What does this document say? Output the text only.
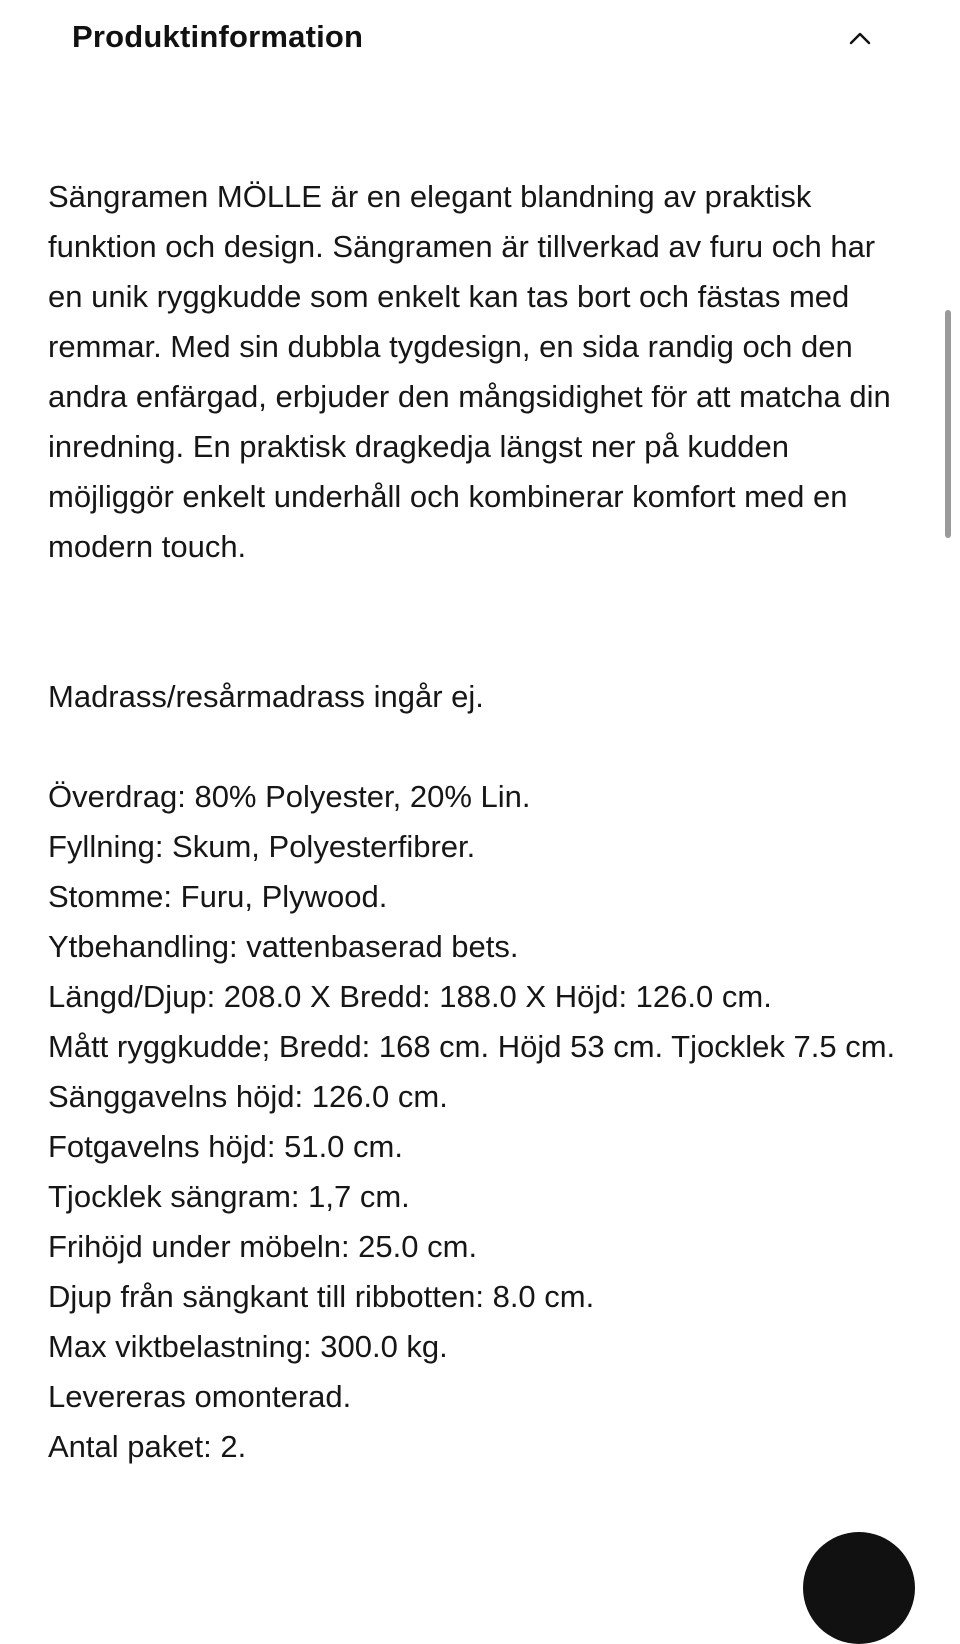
Produktinformation

Sängramen MÖLLE är en elegant blandning av praktisk funktion och design. Sängramen är tillverkad av furu och har en unik ryggkudde som enkelt kan tas bort och fästas med remmar. Med sin dubbla tygdesign, en sida randig och den andra enfärgad, erbjuder den mångsidighet för att matcha din inredning. En praktisk dragkedja längst ner på kudden möjliggör enkelt underhåll och kombinerar komfort med en modern touch.

Madrass/resårmadrass ingår ej.

Överdrag: 80% Polyester, 20% Lin.
Fyllning: Skum, Polyesterfibrer.
Stomme: Furu, Plywood.
Ytbehandling: vattenbaserad bets.
Längd/Djup: 208.0 X Bredd: 188.0 X Höjd: 126.0 cm.
Mått ryggkudde; Bredd: 168 cm. Höjd 53 cm. Tjocklek 7.5 cm.
Sänggavelns höjd: 126.0 cm.
Fotgavelns höjd: 51.0 cm.
Tjocklek sängram: 1,7 cm.
Frihöjd under möbeln: 25.0 cm.
Djup från sängkant till ribbotten: 8.0 cm.
Max viktbelastning: 300.0 kg.
Levereras omonterad.
Antal paket: 2.
